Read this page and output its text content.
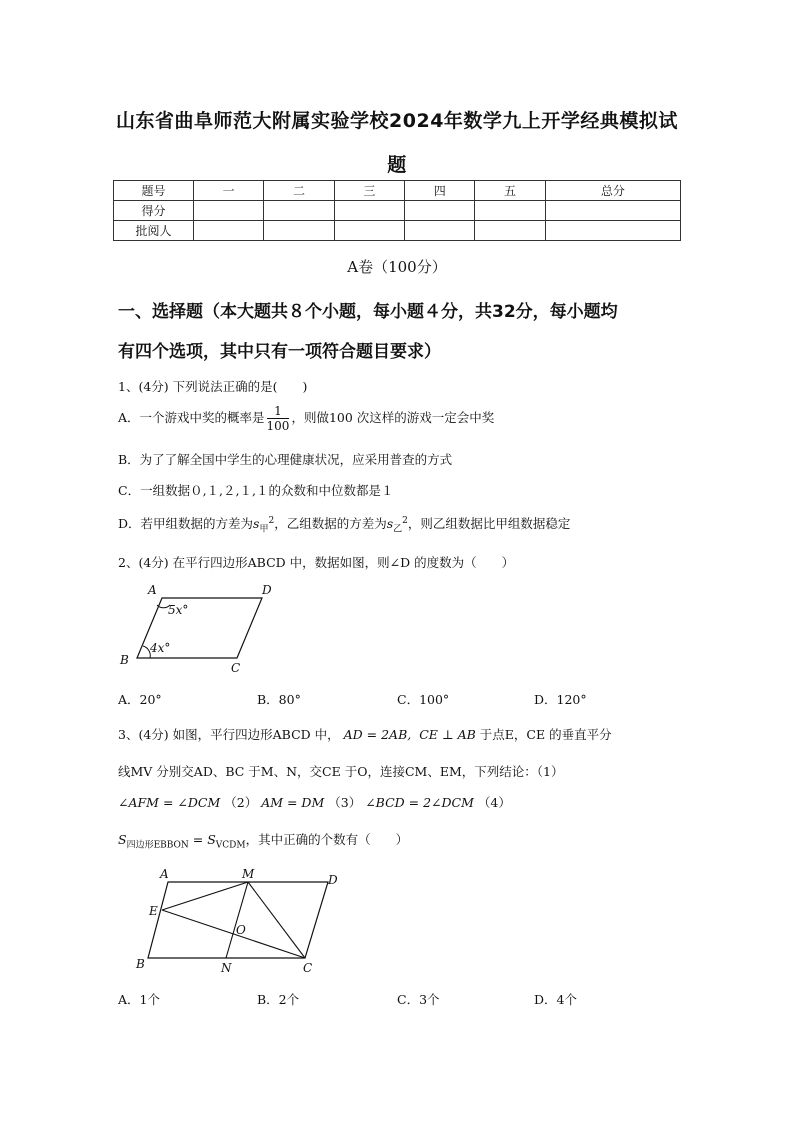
山东省曲阜师范大附属实验学校2024年数学九上开学经典模拟试
题
题号	一	二	三	四	五	总分
得分						
批阅人						
A卷（100分）
一、选择题（本大题共８个小题，每小题４分，共32分，每小题均
有四个选项，其中只有一项符合题目要求）
1、(4分) 下列说法正确的是(　　)
A．一个游戏中奖的概率是 $\frac{1}{100}$ ，则做100 次这样的游戏一定会中奖
B．为了了解全国中学生的心理健康状况，应采用普查的方式
C．一组数据０,１,２,１,１的众数和中位数都是１
D．若甲组数据的方差为$s_甲^2$，乙组数据的方差为$s_乙^2$，则乙组数据比甲组数据稳定
2、(4分) 在平行四边形ABCD 中，数据如图，则∠D 的度数为（　　）
A	D
B
C
5x°
4x°
A．20°	B．80°	C．100°	D．120°
3、(4分) 如图，平行四边形ABCD 中， AD = 2AB, CE ⊥ AB 于点E，CE 的垂直平分
线MV 分别交AD、BC 于M、N，交CE 于O，连接CM、EM，下列结论：（1）
∠AFM = ∠DCM （2） AM = DM （3） ∠BCD = 2∠DCM （4）
$S_{四边形EBBON} = S_{VCDM}$，其中正确的个数有（　　）
A	M	D
E
O
B	N	C
A．1个	B．2个	C．3个	D．4个
